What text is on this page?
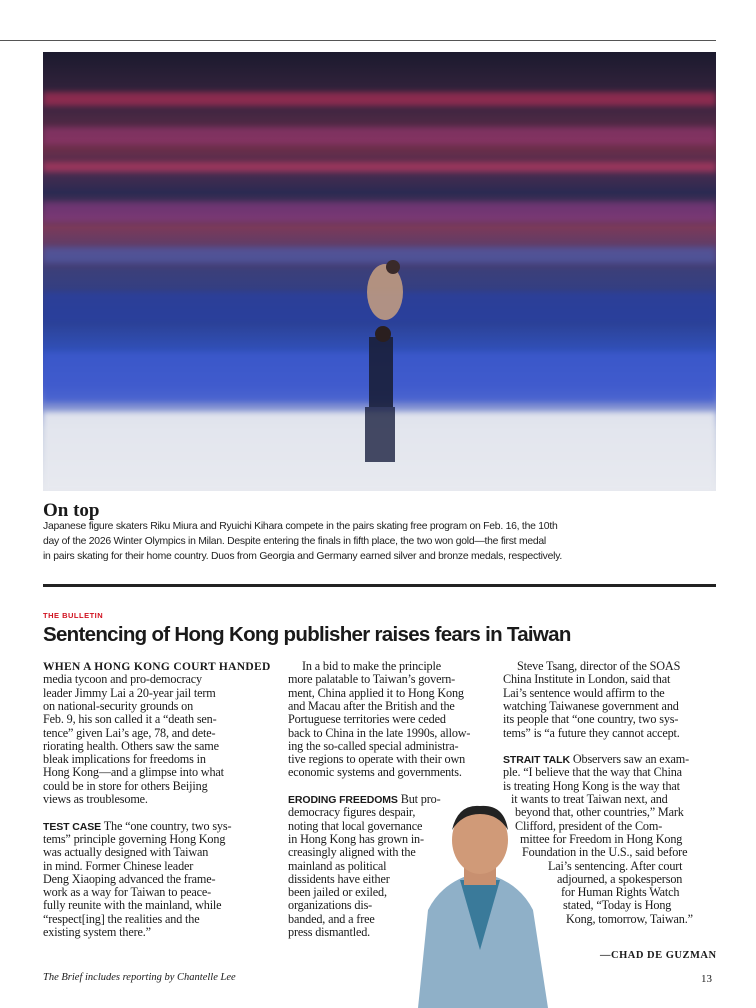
On top
Japanese figure skaters Riku Miura and Ryuichi Kihara compete in the pairs skating free program on Feb. 16, the 10th
day of the 2026 Winter Olympics in Milan. Despite entering the finals in fifth place, the two won gold—the first medal
in pairs skating for their home country. Duos from Georgia and Germany earned silver and bronze medals, respectively.
THE BULLETIN
Sentencing of Hong Kong publisher raises fears in Taiwan
WHEN A HONG KONG COURT HANDED
media tycoon and pro-democracy
leader Jimmy Lai a 20-year jail term
on national-security grounds on
Feb. 9, his son called it a “death sen-
tence” given Lai’s age, 78, and dete-
riorating health. Others saw the same
bleak implications for freedoms in
Hong Kong—and a glimpse into what
could be in store for others Beijing
views as troublesome.
TEST CASE The “one country, two sys-
tems” principle governing Hong Kong
was actually designed with Taiwan
in mind. Former Chinese leader
Deng Xiaoping advanced the frame-
work as a way for Taiwan to peace-
fully reunite with the mainland, while
“respect[ing] the realities and the
existing system there.”
In a bid to make the principle
more palatable to Taiwan’s govern-
ment, China applied it to Hong Kong
and Macau after the British and the
Portuguese territories were ceded
back to China in the late 1990s, allow-
ing the so-called special administra-
tive regions to operate with their own
economic systems and governments.
ERODING FREEDOMS But pro-
democracy figures despair,
noting that local governance
in Hong Kong has grown in-
creasingly aligned with the
mainland as political
dissidents have either
been jailed or exiled,
organizations dis-
banded, and a free
press dismantled.
Steve Tsang, director of the SOAS
China Institute in London, said that
Lai’s sentence would affirm to the
watching Taiwanese government and
its people that “one country, two sys-
tems” is “a future they cannot accept.
STRAIT TALK Observers saw an exam-
ple. “I believe that the way that China
is treating Hong Kong is the way that
it wants to treat Taiwan next, and
beyond that, other countries,” Mark
Clifford, president of the Com-
mittee for Freedom in Hong Kong
Foundation in the U.S., said before
Lai’s sentencing. After court
adjourned, a spokesperson
for Human Rights Watch
stated, “Today is Hong
Kong, tomorrow, Taiwan.”
—CHAD DE GUZMAN
The Brief includes reporting by Chantelle Lee	13
